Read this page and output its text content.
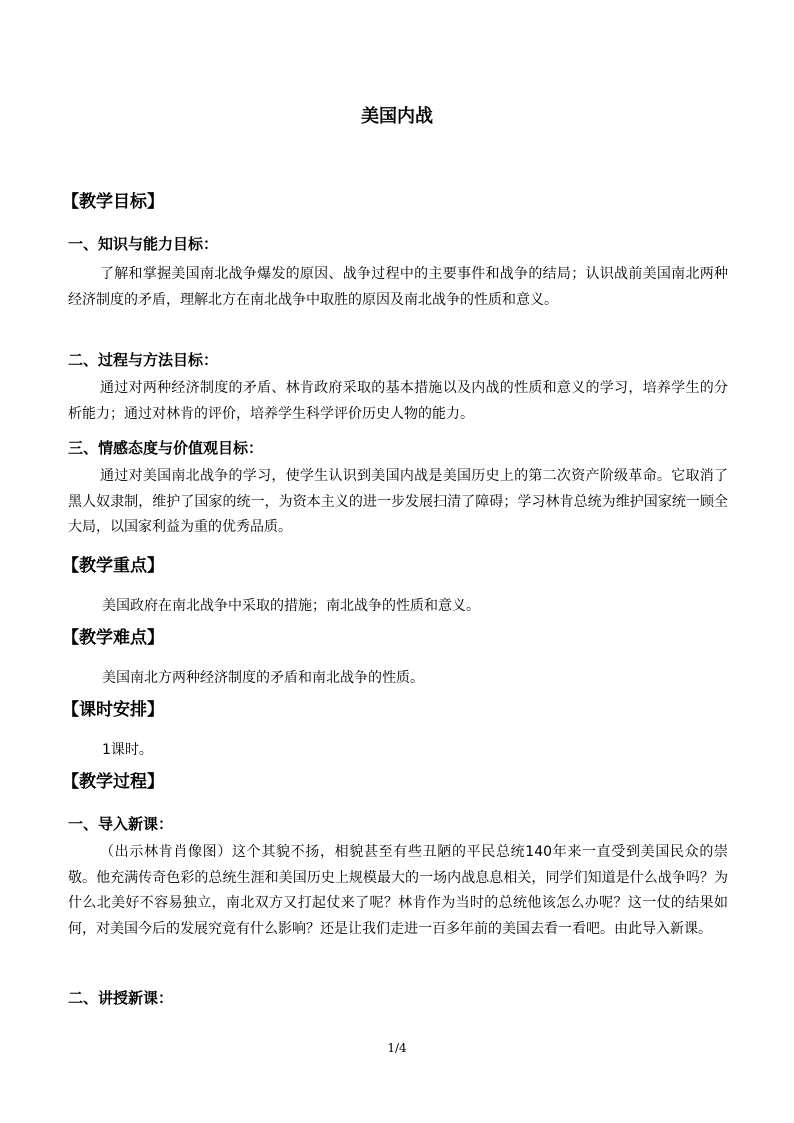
美国内战
【教学目标】
一、知识与能力目标：
了解和掌握美国南北战争爆发的原因、战争过程中的主要事件和战争的结局；认识战前美国南北两种经济制度的矛盾，理解北方在南北战争中取胜的原因及南北战争的性质和意义。
二、过程与方法目标：
通过对两种经济制度的矛盾、林肯政府采取的基本措施以及内战的性质和意义的学习，培养学生的分析能力；通过对林肯的评价，培养学生科学评价历史人物的能力。
三、情感态度与价值观目标：
通过对美国南北战争的学习，使学生认识到美国内战是美国历史上的第二次资产阶级革命。它取消了黑人奴隶制，维护了国家的统一，为资本主义的进一步发展扫清了障碍；学习林肯总统为维护国家统一顾全大局，以国家利益为重的优秀品质。
【教学重点】
美国政府在南北战争中采取的措施；南北战争的性质和意义。
【教学难点】
美国南北方两种经济制度的矛盾和南北战争的性质。
【课时安排】
1课时。
【教学过程】
一、导入新课：
（出示林肯肖像图）这个其貌不扬，相貌甚至有些丑陋的平民总统140年来一直受到美国民众的崇敬。他充满传奇色彩的总统生涯和美国历史上规模最大的一场内战息息相关，同学们知道是什么战争吗？为什么北美好不容易独立，南北双方又打起仗来了呢？林肯作为当时的总统他该怎么办呢？这一仗的结果如何，对美国今后的发展究竟有什么影响？还是让我们走进一百多年前的美国去看一看吧。由此导入新课。
二、讲授新课：
1/4
